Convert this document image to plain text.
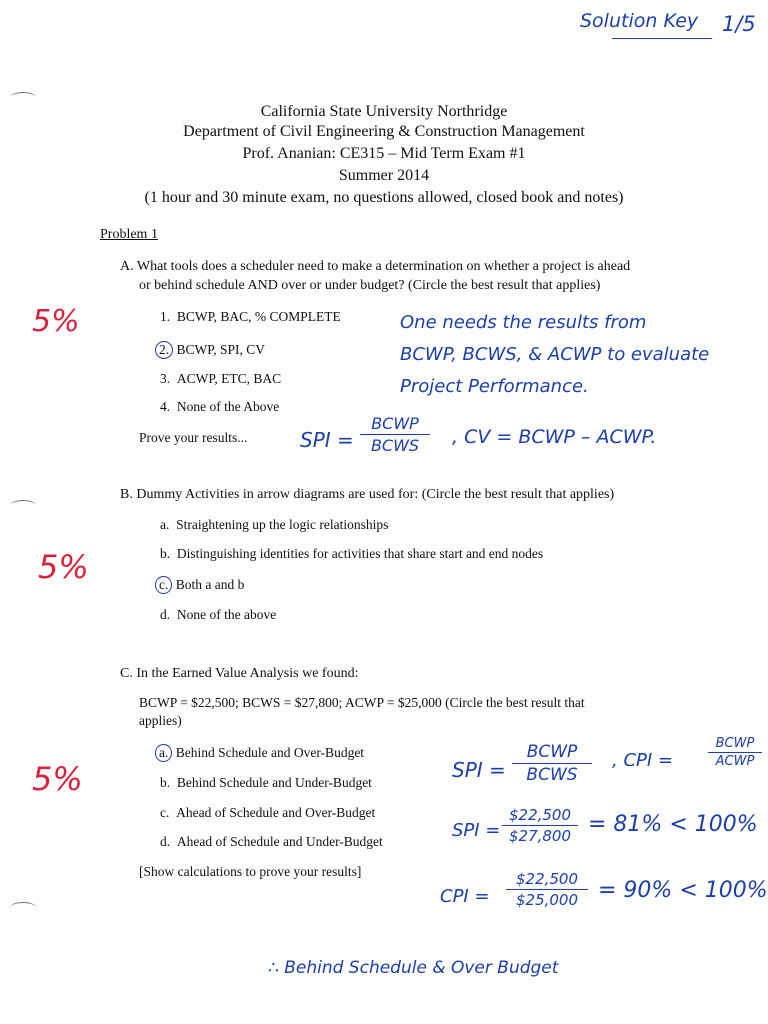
Solution Key 1/5
California State University Northridge
Department of Civil Engineering & Construction Management
Prof. Ananian: CE315 – Mid Term Exam #1
Summer 2014
(1 hour and 30 minute exam, no questions allowed, closed book and notes)
Problem 1
A. What tools does a scheduler need to make a determination on whether a project is ahead
or behind schedule AND over or under budget? (Circle the best result that applies)
5%	1. BCWP, BAC, % COMPLETE
2. BCWP, SPI, CV
3. ACWP, ETC, BAC
4. None of the Above
One needs the results from
BCWP, BCWS, & ACWP to evaluate
Project Performance.
Prove your results...	SPI =
BCWP
BCWS	, CV = BCWP – ACWP.
B. Dummy Activities in arrow diagrams are used for: (Circle the best result that applies)
5%
a. Straightening up the logic relationships
b. Distinguishing identities for activities that share start and end nodes
c. Both a and b
d. None of the above
C. In the Earned Value Analysis we found:
BCWP = $22,500; BCWS = $27,800; ACWP = $25,000 (Circle the best result that
applies)
5%
a. Behind Schedule and Over-Budget
b. Behind Schedule and Under-Budget
c. Ahead of Schedule and Over-Budget
d. Ahead of Schedule and Under-Budget
[Show calculations to prove your results]
SPI =
BCWP
BCWS
, CPI =
BCWP
ACWP
SPI =
$22,500
$27,800 = 81% < 100%
CPI =
$22,500
$25,000 = 90% < 100%
∴ Behind Schedule & Over Budget
